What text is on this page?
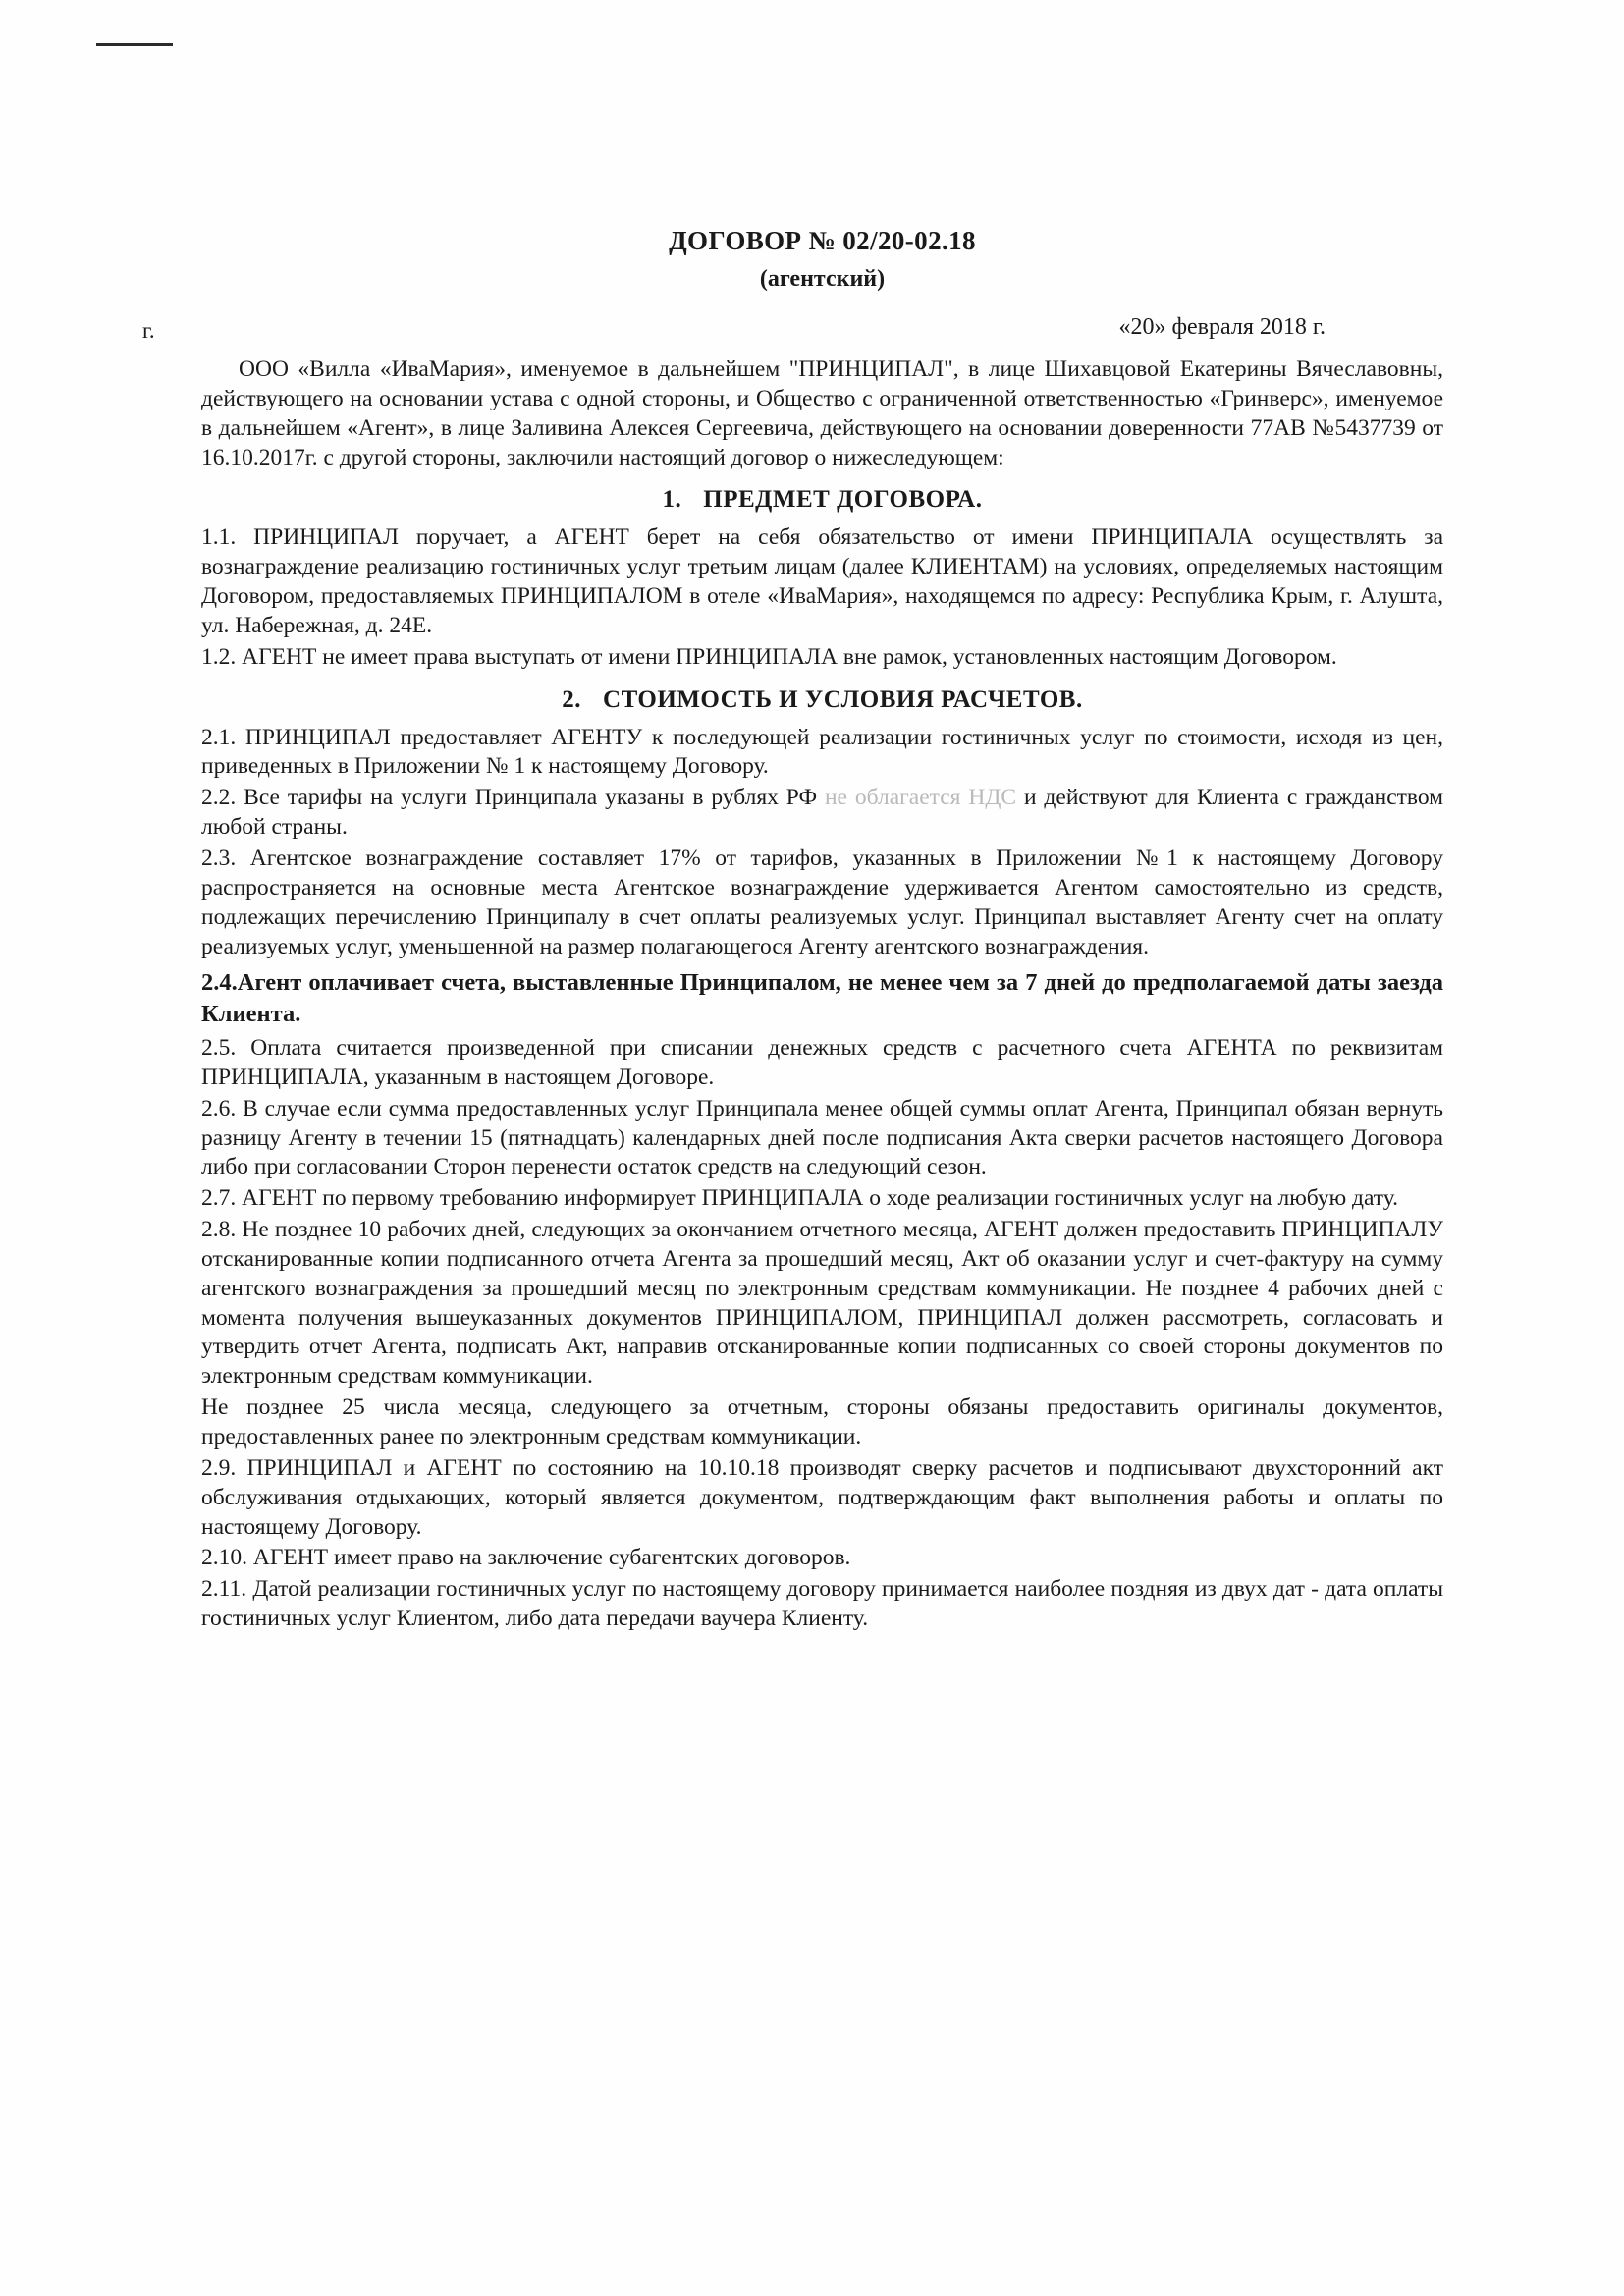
ДОГОВОР № 02/20-02.18
(агентский)
г.	«20» февраля 2018 г.

ООО «Вилла «ИваМария», именуемое в дальнейшем "ПРИНЦИПАЛ", в лице Шихавцовой Екатерины Вячеславовны, действующего на основании устава с одной стороны, и Общество с ограниченной ответственностью «Гринверс», именуемое в дальнейшем «Агент», в лице Заливина Алексея Сергеевича, действующего на основании доверенности 77АВ №5437739 от 16.10.2017г. с другой стороны, заключили настоящий договор о нижеследующем:

1. ПРЕДМЕТ ДОГОВОРА.

1.1. ПРИНЦИПАЛ поручает, а АГЕНТ берет на себя обязательство от имени ПРИНЦИПАЛА осуществлять за вознаграждение реализацию гостиничных услуг третьим лицам (далее КЛИЕНТАМ) на условиях, определяемых настоящим Договором, предоставляемых ПРИНЦИПАЛОМ в отеле «ИваМария», находящемся по адресу: Республика Крым, г. Алушта, ул. Набережная, д. 24Е.

1.2. АГЕНТ не имеет права выступать от имени ПРИНЦИПАЛА вне рамок, установленных настоящим Договором.

2. СТОИМОСТЬ И УСЛОВИЯ РАСЧЕТОВ.

2.1. ПРИНЦИПАЛ предоставляет АГЕНТУ к последующей реализации гостиничных услуг по стоимости, исходя из цен, приведенных в Приложении № 1 к настоящему Договору.

2.2. Все тарифы на услуги Принципала указаны в рублях РФ не облагается НДС и действуют для Клиента с гражданством любой страны.

2.3. Агентское вознаграждение составляет 17% от тарифов, указанных в Приложении №1 к настоящему Договору распространяется на основные места Агентское вознаграждение удерживается Агентом самостоятельно из средств, подлежащих перечислению Принципалу в счет оплаты реализуемых услуг. Принципал выставляет Агенту счет на оплату реализуемых услуг, уменьшенной на размер полагающегося Агенту агентского вознаграждения.

2.4.Агент оплачивает счета, выставленные Принципалом, не менее чем за 7 дней до предполагаемой даты заезда Клиента.

2.5. Оплата считается произведенной при списании денежных средств с расчетного счета АГЕНТА по реквизитам ПРИНЦИПАЛА, указанным в настоящем Договоре.

2.6. В случае если сумма предоставленных услуг Принципала менее общей суммы оплат Агента, Принципал обязан вернуть разницу Агенту в течении 15 (пятнадцать) календарных дней после подписания Акта сверки расчетов настоящего Договора либо при согласовании Сторон перенести остаток средств на следующий сезон.

2.7. АГЕНТ по первому требованию информирует ПРИНЦИПАЛА о ходе реализации гостиничных услуг на любую дату.

2.8. Не позднее 10 рабочих дней, следующих за окончанием отчетного месяца, АГЕНТ должен предоставить ПРИНЦИПАЛУ отсканированные копии подписанного отчета Агента за прошедший месяц, Акт об оказании услуг и счет-фактуру на сумму агентского вознаграждения за прошедший месяц по электронным средствам коммуникации. Не позднее 4 рабочих дней с момента получения вышеуказанных документов ПРИНЦИПАЛОМ, ПРИНЦИПАЛ должен рассмотреть, согласовать и утвердить отчет Агента, подписать Акт, направив отсканированные копии подписанных со своей стороны документов по электронным средствам коммуникации.

Не позднее 25 числа месяца, следующего за отчетным, стороны обязаны предоставить оригиналы документов, предоставленных ранее по электронным средствам коммуникации.

2.9. ПРИНЦИПАЛ и АГЕНТ по состоянию на 10.10.18 производят сверку расчетов и подписывают двухсторонний акт обслуживания отдыхающих, который является документом, подтверждающим факт выполнения работы и оплаты по настоящему Договору.

2.10. АГЕНТ имеет право на заключение субагентских договоров.

2.11. Датой реализации гостиничных услуг по настоящему договору принимается наиболее поздняя из двух дат - дата оплаты гостиничных услуг Клиентом, либо дата передачи ваучера Клиенту.
